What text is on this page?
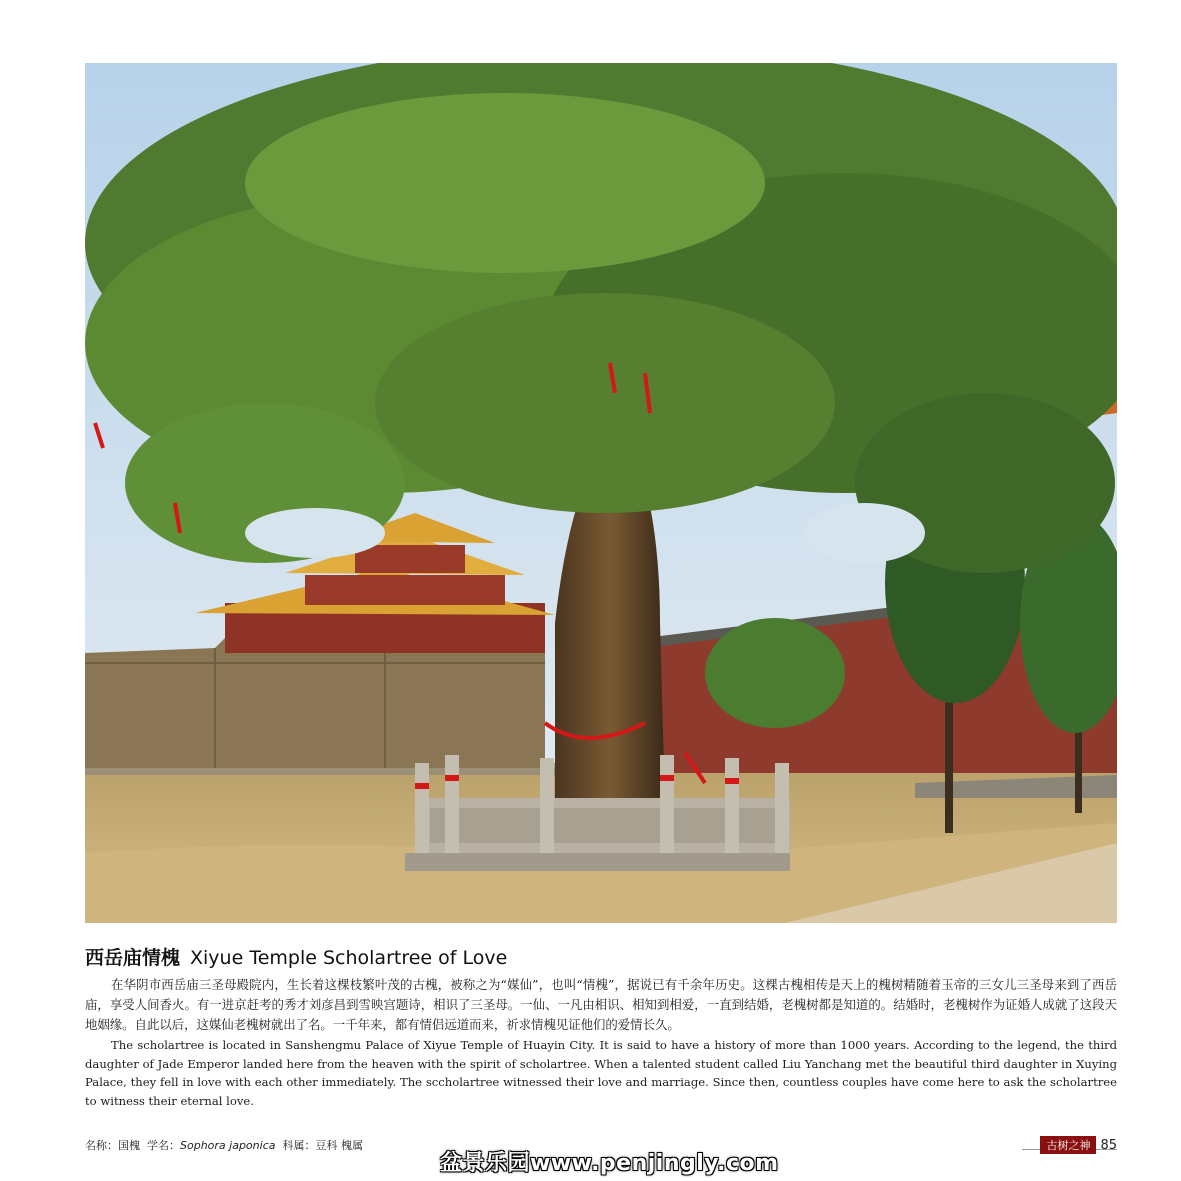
西岳庙情槐 Xiyue Temple Scholartree of Love
在华阴市西岳庙三圣母殿院内，生长着这棵枝繁叶茂的古槐，被称之为“媒仙”，也叫“情槐”，据说已有千余年历史。这棵古槐相传是天上的槐树精随着玉帝的三女儿三圣母来到了西岳庙，享受人间香火。有一进京赶考的秀才刘彦昌到雪映宫题诗，相识了三圣母。一仙、一凡由相识、相知到相爱，一直到结婚，老槐树都是知道的。结婚时，老槐树作为证婚人成就了这段天地姻缘。自此以后，这媒仙老槐树就出了名。一千年来，都有情侣远道而来，祈求情槐见证他们的爱情长久。
The scholartree is located in Sanshengmu Palace of Xiyue Temple of Huayin City. It is said to have a history of more than 1000 years. According to the legend, the third daughter of Jade Emperor landed here from the heaven with the spirit of scholartree. When a talented student called Liu Yanchang met the beautiful third daughter in Xuying Palace, they fell in love with each other immediately. The sccholartree witnessed their love and marriage. Since then, countless couples have come here to ask the scholartree to witness their eternal love.
名称：国槐 学名：Sophora japonica 科属：豆科 槐属
盆景乐园www.penjingly.com
古树之神 85
